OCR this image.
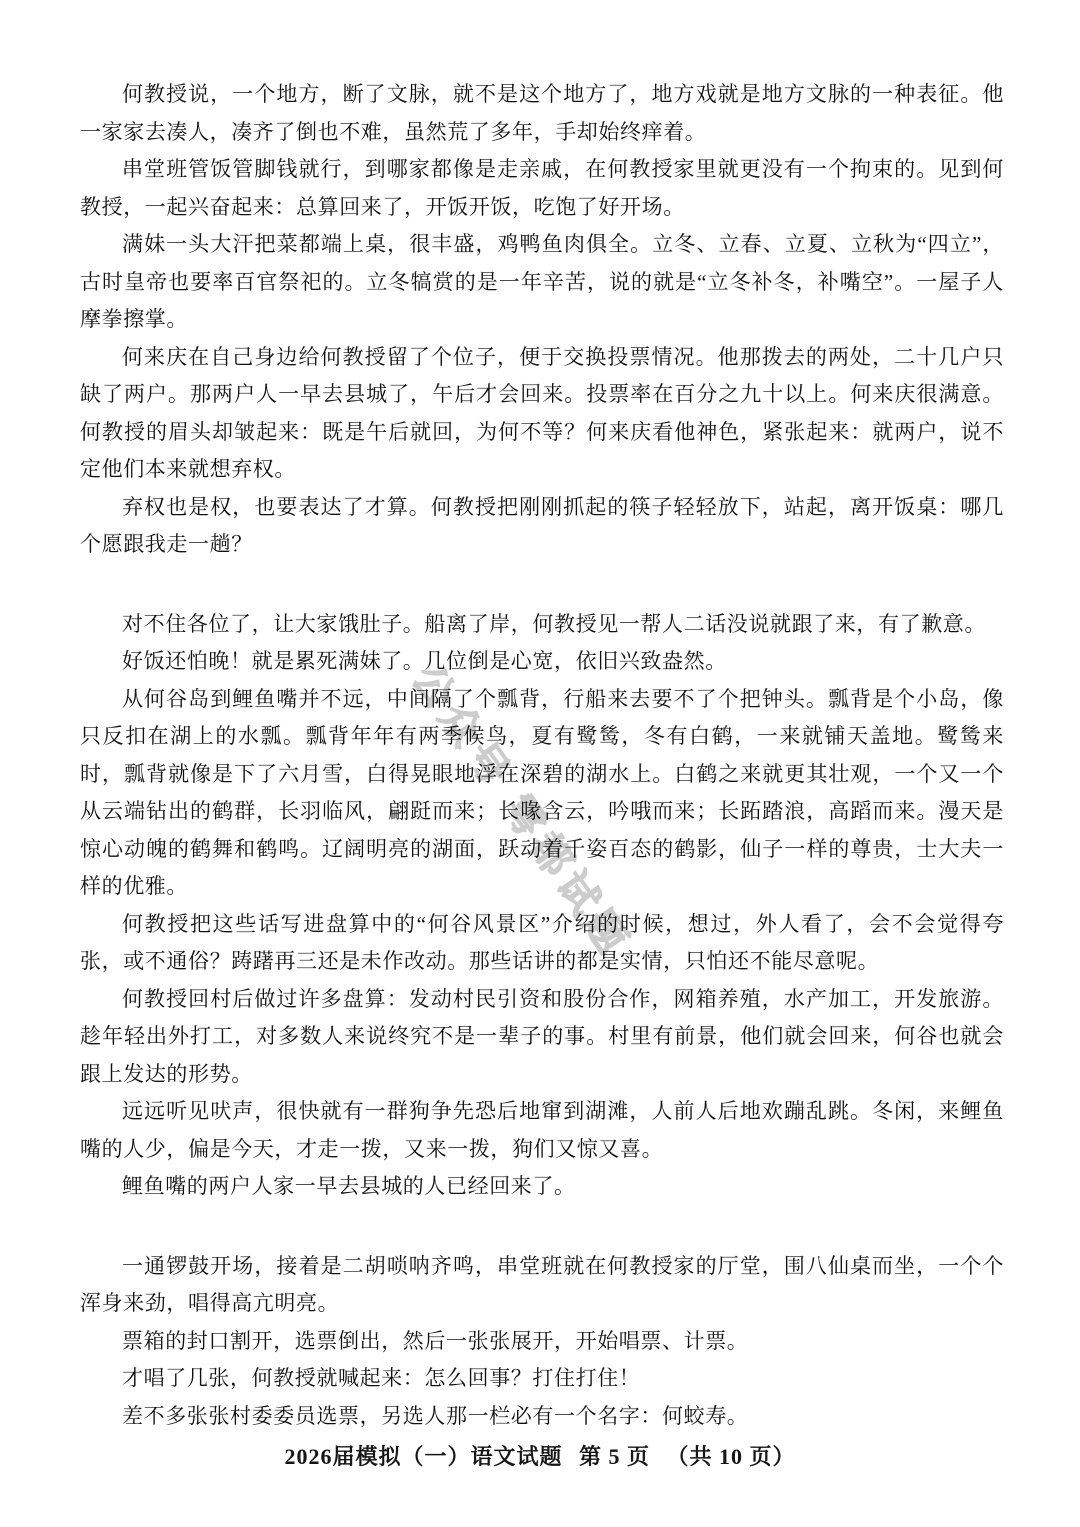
公众号 雩都试题

何教授说，一个地方，断了文脉，就不是这个地方了，地方戏就是地方文脉的一种表征。他一家家去凑人，凑齐了倒也不难，虽然荒了多年，手却始终痒着。

串堂班管饭管脚钱就行，到哪家都像是走亲戚，在何教授家里就更没有一个拘束的。见到何教授，一起兴奋起来：总算回来了，开饭开饭，吃饱了好开场。

满妹一头大汗把菜都端上桌，很丰盛，鸡鸭鱼肉俱全。立冬、立春、立夏、立秋为“四立”，古时皇帝也要率百官祭祀的。立冬犒赏的是一年辛苦，说的就是“立冬补冬，补嘴空”。一屋子人摩拳擦掌。

何来庆在自己身边给何教授留了个位子，便于交换投票情况。他那拨去的两处，二十几户只缺了两户。那两户人一早去县城了，午后才会回来。投票率在百分之九十以上。何来庆很满意。何教授的眉头却皱起来：既是午后就回，为何不等？何来庆看他神色，紧张起来：就两户，说不定他们本来就想弃权。

弃权也是权，也要表达了才算。何教授把刚刚抓起的筷子轻轻放下，站起，离开饭桌：哪几个愿跟我走一趟？

对不住各位了，让大家饿肚子。船离了岸，何教授见一帮人二话没说就跟了来，有了歉意。

好饭还怕晚！就是累死满妹了。几位倒是心宽，依旧兴致盎然。

从何谷岛到鲤鱼嘴并不远，中间隔了个瓢背，行船来去要不了个把钟头。瓢背是个小岛，像只反扣在湖上的水瓢。瓢背年年有两季候鸟，夏有鹭鸶，冬有白鹤，一来就铺天盖地。鹭鸶来时，瓢背就像是下了六月雪，白得晃眼地浮在深碧的湖水上。白鹤之来就更其壮观，一个又一个从云端钻出的鹤群，长羽临风，翩跹而来；长喙含云，吟哦而来；长跖踏浪，高蹈而来。漫天是惊心动魄的鹤舞和鹤鸣。辽阔明亮的湖面，跃动着千姿百态的鹤影，仙子一样的尊贵，士大夫一样的优雅。

何教授把这些话写进盘算中的“何谷风景区”介绍的时候，想过，外人看了，会不会觉得夸张，或不通俗？踌躇再三还是未作改动。那些话讲的都是实情，只怕还不能尽意呢。

何教授回村后做过许多盘算：发动村民引资和股份合作，网箱养殖，水产加工，开发旅游。趁年轻出外打工，对多数人来说终究不是一辈子的事。村里有前景，他们就会回来，何谷也就会跟上发达的形势。

远远听见吠声，很快就有一群狗争先恐后地窜到湖滩，人前人后地欢蹦乱跳。冬闲，来鲤鱼嘴的人少，偏是今天，才走一拨，又来一拨，狗们又惊又喜。

鲤鱼嘴的两户人家一早去县城的人已经回来了。

一通锣鼓开场，接着是二胡唢呐齐鸣，串堂班就在何教授家的厅堂，围八仙桌而坐，一个个浑身来劲，唱得高亢明亮。

票箱的封口割开，选票倒出，然后一张张展开，开始唱票、计票。

才唱了几张，何教授就喊起来：怎么回事？打住打住！

差不多张张村委委员选票，另选人那一栏必有一个名字：何蛟寿。

2026届模拟（一）语文试题 第 5 页 （共 10 页）
